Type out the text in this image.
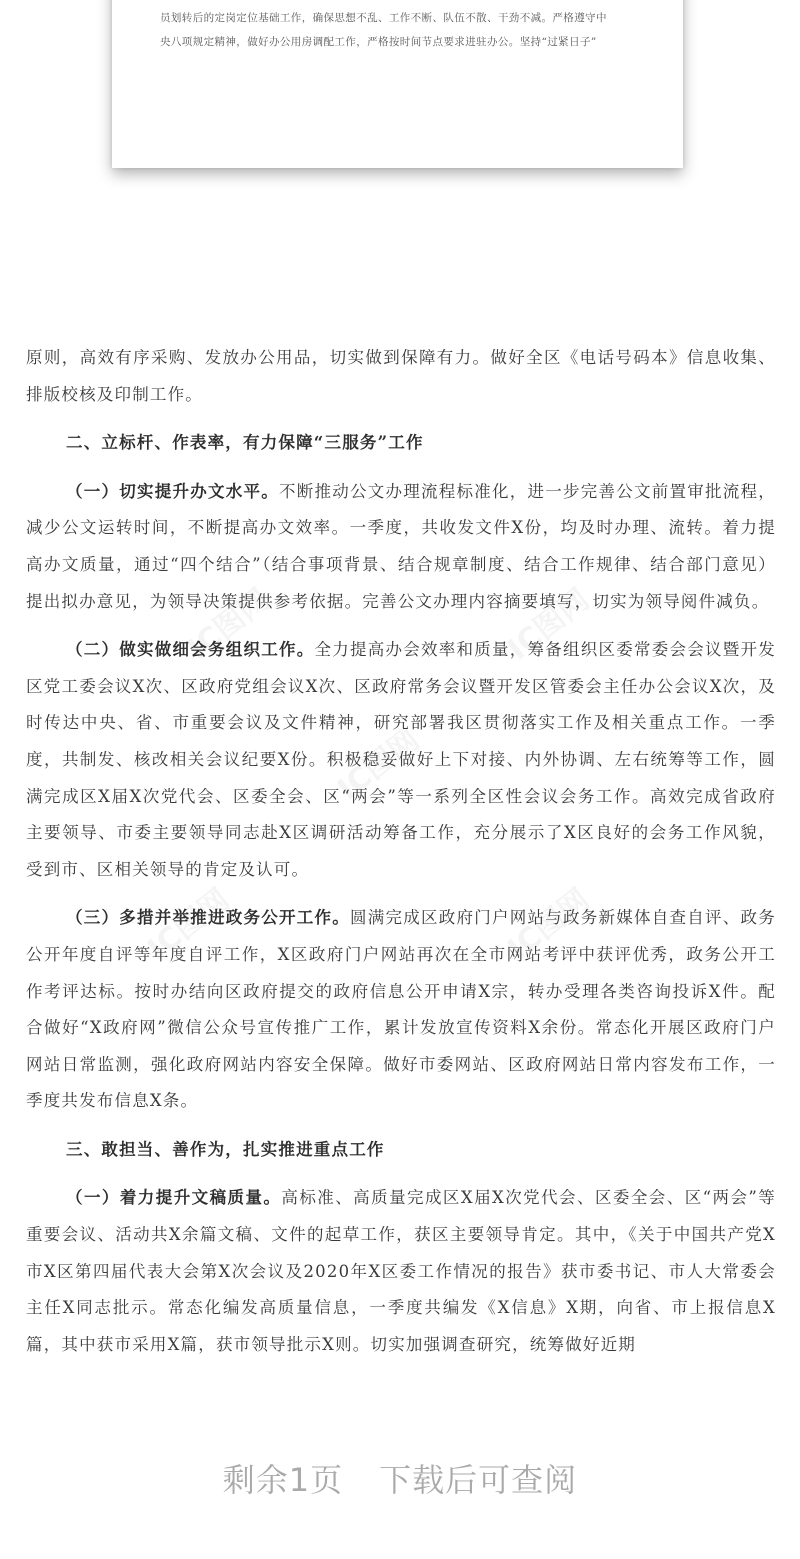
员划转后的定岗定位基础工作，确保思想不乱、工作不断、队伍不散、干劲不减。严格遵守中
央八项规定精神，做好办公用房调配工作，严格按时间节点要求进驻办公。坚持“过紧日子”

原则，高效有序采购、发放办公用品，切实做到保障有力。做好全区《电话号码本》信息收集、排版校核及印制工作。

二、立标杆、作表率，有力保障“三服务”工作

（一）切实提升办文水平。不断推动公文办理流程标准化，进一步完善公文前置审批流程，减少公文运转时间，不断提高办文效率。一季度，共收发文件X份，均及时办理、流转。着力提高办文质量，通过“四个结合”（结合事项背景、结合规章制度、结合工作规律、结合部门意见）提出拟办意见，为领导决策提供参考依据。完善公文办理内容摘要填写，切实为领导阅件减负。

（二）做实做细会务组织工作。全力提高办会效率和质量，筹备组织区委常委会会议暨开发区党工委会议X次、区政府党组会议X次、区政府常务会议暨开发区管委会主任办公会议X次，及时传达中央、省、市重要会议及文件精神，研究部署我区贯彻落实工作及相关重点工作。一季度，共制发、核改相关会议纪要X份。积极稳妥做好上下对接、内外协调、左右统筹等工作，圆满完成区X届X次党代会、区委全会、区“两会”等一系列全区性会议会务工作。高效完成省政府主要领导、市委主要领导同志赴X区调研活动筹备工作，充分展示了X区良好的会务工作风貌，受到市、区相关领导的肯定及认可。

（三）多措并举推进政务公开工作。圆满完成区政府门户网站与政务新媒体自查自评、政务公开年度自评等年度自评工作，X区政府门户网站再次在全市网站考评中获评优秀，政务公开工作考评达标。按时办结向区政府提交的政府信息公开申请X宗，转办受理各类咨询投诉X件。配合做好“X政府网”微信公众号宣传推广工作，累计发放宣传资料X余份。常态化开展区政府门户网站日常监测，强化政府网站内容安全保障。做好市委网站、区政府网站日常内容发布工作，一季度共发布信息X条。

三、敢担当、善作为，扎实推进重点工作

（一）着力提升文稿质量。高标准、高质量完成区X届X次党代会、区委全会、区“两会”等重要会议、活动共X余篇文稿、文件的起草工作，获区主要领导肯定。其中，《关于中国共产党X市X区第四届代表大会第X次会议及2020年X区委工作情况的报告》获市委书记、市人大常委会主任X同志批示。常态化编发高质量信息，一季度共编发《X信息》X期，向省、市上报信息X篇，其中获市采用X篇，获市领导批示X则。切实加强调查研究，统筹做好近期

剩余1页 下载后可查阅
